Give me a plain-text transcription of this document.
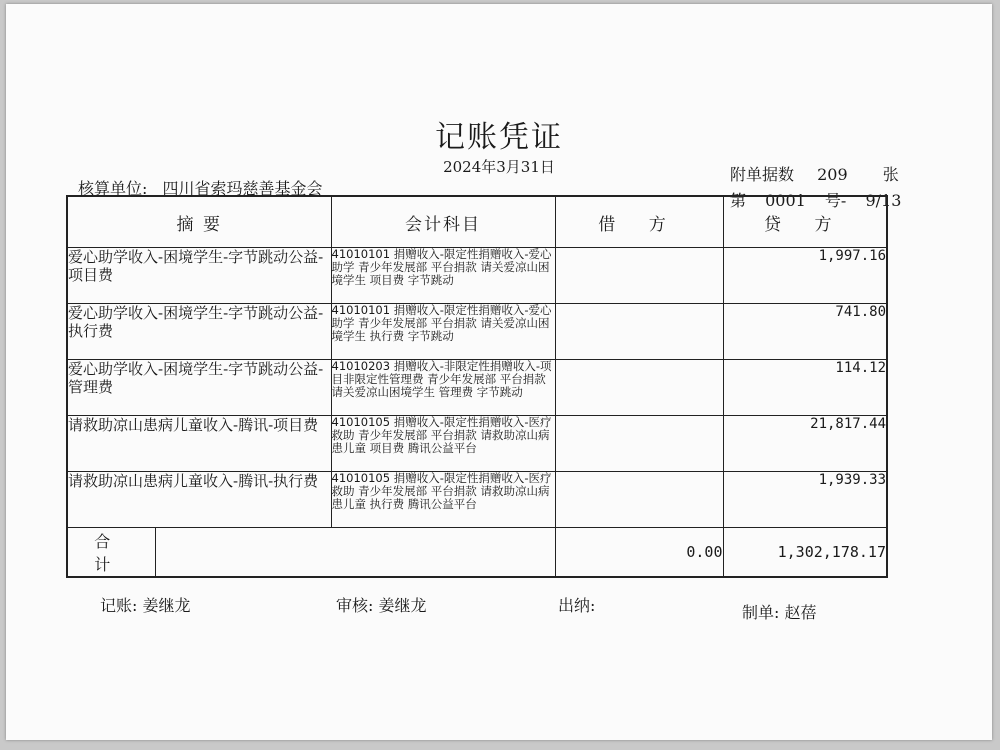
记账凭证
2024年3月31日
核算单位: 四川省索玛慈善基金会
附单据数 209 张
第 0001 号- 9/13
摘 要		会计科目	借 方	贷 方
爱心助学收入-困境学生-字节跳动公益-项目费		41010101 捐赠收入-限定性捐赠收入-爱心助学 青少年发展部 平台捐款 请关爱凉山困境学生 项目费 字节跳动		1,997.16
爱心助学收入-困境学生-字节跳动公益-执行费		41010101 捐赠收入-限定性捐赠收入-爱心助学 青少年发展部 平台捐款 请关爱凉山困境学生 执行费 字节跳动		741.80
爱心助学收入-困境学生-字节跳动公益-管理费		41010203 捐赠收入-非限定性捐赠收入-项目非限定性管理费 青少年发展部 平台捐款 请关爱凉山困境学生 管理费 字节跳动		114.12
请救助凉山患病儿童收入-腾讯-项目费		41010105 捐赠收入-限定性捐赠收入-医疗救助 青少年发展部 平台捐款 请救助凉山病患儿童 项目费 腾讯公益平台		21,817.44
请救助凉山患病儿童收入-腾讯-执行费		41010105 捐赠收入-限定性捐赠收入-医疗救助 青少年发展部 平台捐款 请救助凉山病患儿童 执行费 腾讯公益平台		1,939.33
合 计			0.00	1,302,178.17
记账: 姜继龙	审核: 姜继龙	出纳:	制单: 赵蓓
